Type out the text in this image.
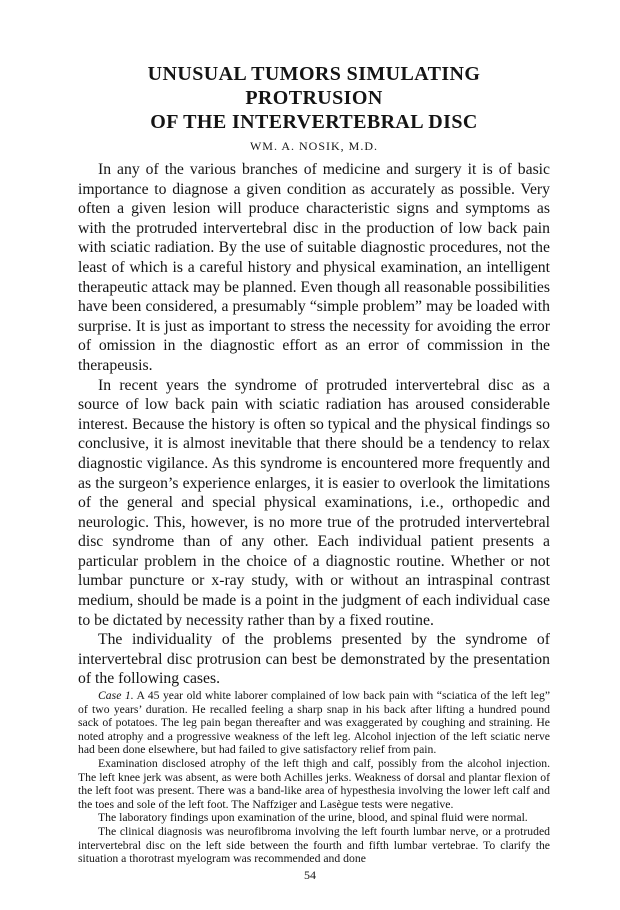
UNUSUAL TUMORS SIMULATING PROTRUSION
OF THE INTERVERTEBRAL DISC
WM. A. NOSIK, M.D.

In any of the various branches of medicine and surgery it is of basic importance to diagnose a given condition as accurately as possible. Very often a given lesion will produce characteristic signs and symptoms as with the protruded intervertebral disc in the production of low back pain with sciatic radiation. By the use of suitable diagnostic procedures, not the least of which is a careful history and physical examination, an intelligent therapeutic attack may be planned. Even though all reasonable possibilities have been considered, a presumably “simple problem” may be loaded with surprise. It is just as important to stress the necessity for avoiding the error of omission in the diagnostic effort as an error of commission in the therapeusis.

In recent years the syndrome of protruded intervertebral disc as a source of low back pain with sciatic radiation has aroused considerable interest. Because the history is often so typical and the physical findings so conclusive, it is almost inevitable that there should be a tendency to relax diagnostic vigilance. As this syndrome is encountered more frequently and as the surgeon’s experience enlarges, it is easier to overlook the limitations of the general and special physical examinations, i.e., orthopedic and neurologic. This, however, is no more true of the protruded intervertebral disc syndrome than of any other. Each individual patient presents a particular problem in the choice of a diagnostic routine. Whether or not lumbar puncture or x-ray study, with or without an intraspinal contrast medium, should be made is a point in the judgment of each individual case to be dictated by necessity rather than by a fixed routine.

The individuality of the problems presented by the syndrome of intervertebral disc protrusion can best be demonstrated by the presentation of the following cases.

Case 1. A 45 year old white laborer complained of low back pain with “sciatica of the left leg” of two years’ duration. He recalled feeling a sharp snap in his back after lifting a hundred pound sack of potatoes. The leg pain began thereafter and was exaggerated by coughing and straining. He noted atrophy and a progressive weakness of the left leg. Alcohol injection of the left sciatic nerve had been done elsewhere, but had failed to give satisfactory relief from pain.

Examination disclosed atrophy of the left thigh and calf, possibly from the alcohol injection. The left knee jerk was absent, as were both Achilles jerks. Weakness of dorsal and plantar flexion of the left foot was present. There was a band-like area of hypesthesia involving the lower left calf and the toes and sole of the left foot. The Naffziger and Lasègue tests were negative.

The laboratory findings upon examination of the urine, blood, and spinal fluid were normal.

The clinical diagnosis was neurofibroma involving the left fourth lumbar nerve, or a protruded intervertebral disc on the left side between the fourth and fifth lumbar vertebrae. To clarify the situation a thorotrast myelogram was recommended and done

54
